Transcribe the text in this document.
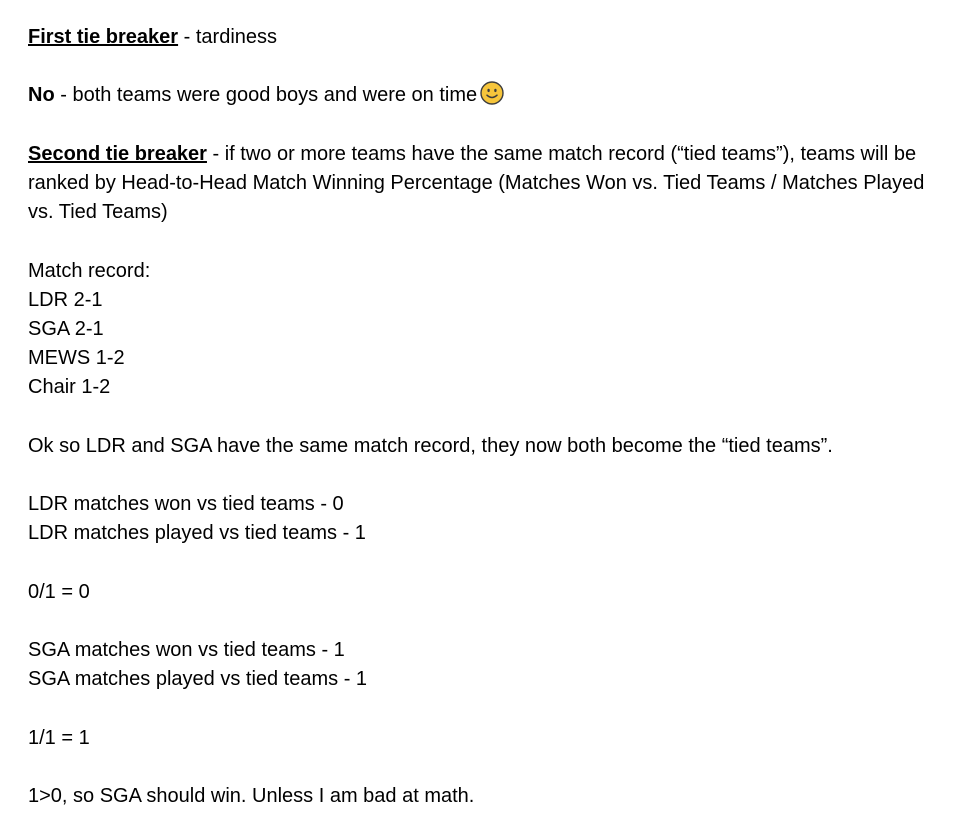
First tie breaker - tardiness

No - both teams were good boys and were on time

Second tie breaker - if two or more teams have the same match record (“tied teams”), teams will be ranked by Head-to-Head Match Winning Percentage (Matches Won vs. Tied Teams / Matches Played vs. Tied Teams)

Match record:

LDR 2-1

SGA 2-1

MEWS 1-2

Chair 1-2

Ok so LDR and SGA have the same match record, they now both become the “tied teams”.

LDR matches won vs tied teams - 0

LDR matches played vs tied teams - 1

0/1 = 0

SGA matches won vs tied teams - 1

SGA matches played vs tied teams - 1

1/1 = 1

1>0, so SGA should win. Unless I am bad at math.
